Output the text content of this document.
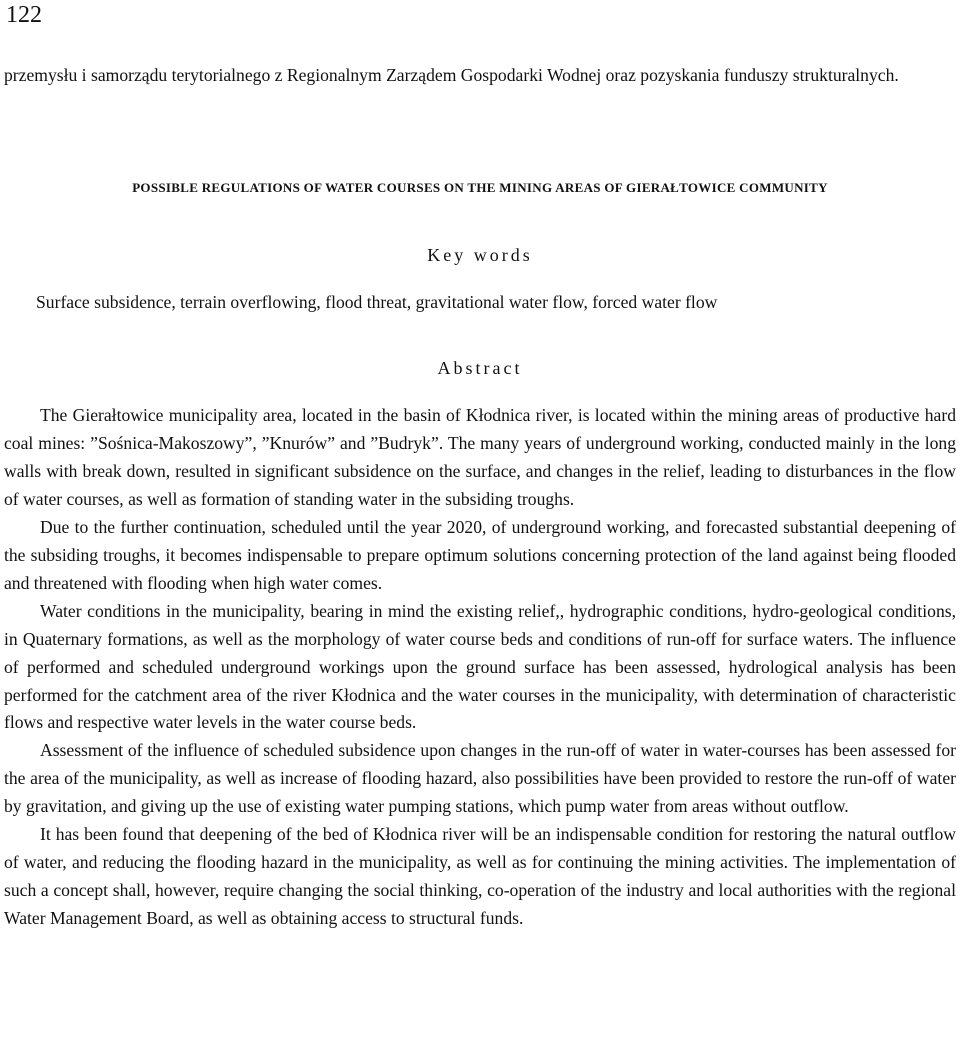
122

przemysłu i samorządu terytorialnego z Regionalnym Zarządem Gospodarki Wodnej oraz pozyskania funduszy strukturalnych.

POSSIBLE REGULATIONS OF WATER COURSES ON THE MINING AREAS OF GIERAŁTOWICE COMMUNITY
Key words

Surface subsidence, terrain overflowing, flood threat, gravitational water flow, forced water flow

Abstract

The Gierałtowice municipality area, located in the basin of Kłodnica river, is located within the mining areas of productive hard coal mines: ”Sośnica-Makoszowy”, ”Knurów” and ”Budryk”. The many years of underground working, conducted mainly in the long walls with break down, resulted in significant subsidence on the surface, and changes in the relief, leading to disturbances in the flow of water courses, as well as formation of standing water in the subsiding troughs.

Due to the further continuation, scheduled until the year 2020, of underground working, and forecasted substantial deepening of the subsiding troughs, it becomes indispensable to prepare optimum solutions concerning protection of the land against being flooded and threatened with flooding when high water comes.

Water conditions in the municipality, bearing in mind the existing relief,, hydrographic conditions, hydro-geological conditions, in Quaternary formations, as well as the morphology of water course beds and conditions of run-off for surface waters. The influence of performed and scheduled underground workings upon the ground surface has been assessed, hydrological analysis has been performed for the catchment area of the river Kłodnica and the water courses in the municipality, with determination of characteristic flows and respective water levels in the water course beds.

Assessment of the influence of scheduled subsidence upon changes in the run-off of water in water-courses has been assessed for the area of the municipality, as well as increase of flooding hazard, also possibilities have been provided to restore the run-off of water by gravitation, and giving up the use of existing water pumping stations, which pump water from areas without outflow.

It has been found that deepening of the bed of Kłodnica river will be an indispensable condition for restoring the natural outflow of water, and reducing the flooding hazard in the municipality, as well as for continuing the mining activities. The implementation of such a concept shall, however, require changing the social thinking, co-operation of the industry and local authorities with the regional Water Management Board, as well as obtaining access to structural funds.
